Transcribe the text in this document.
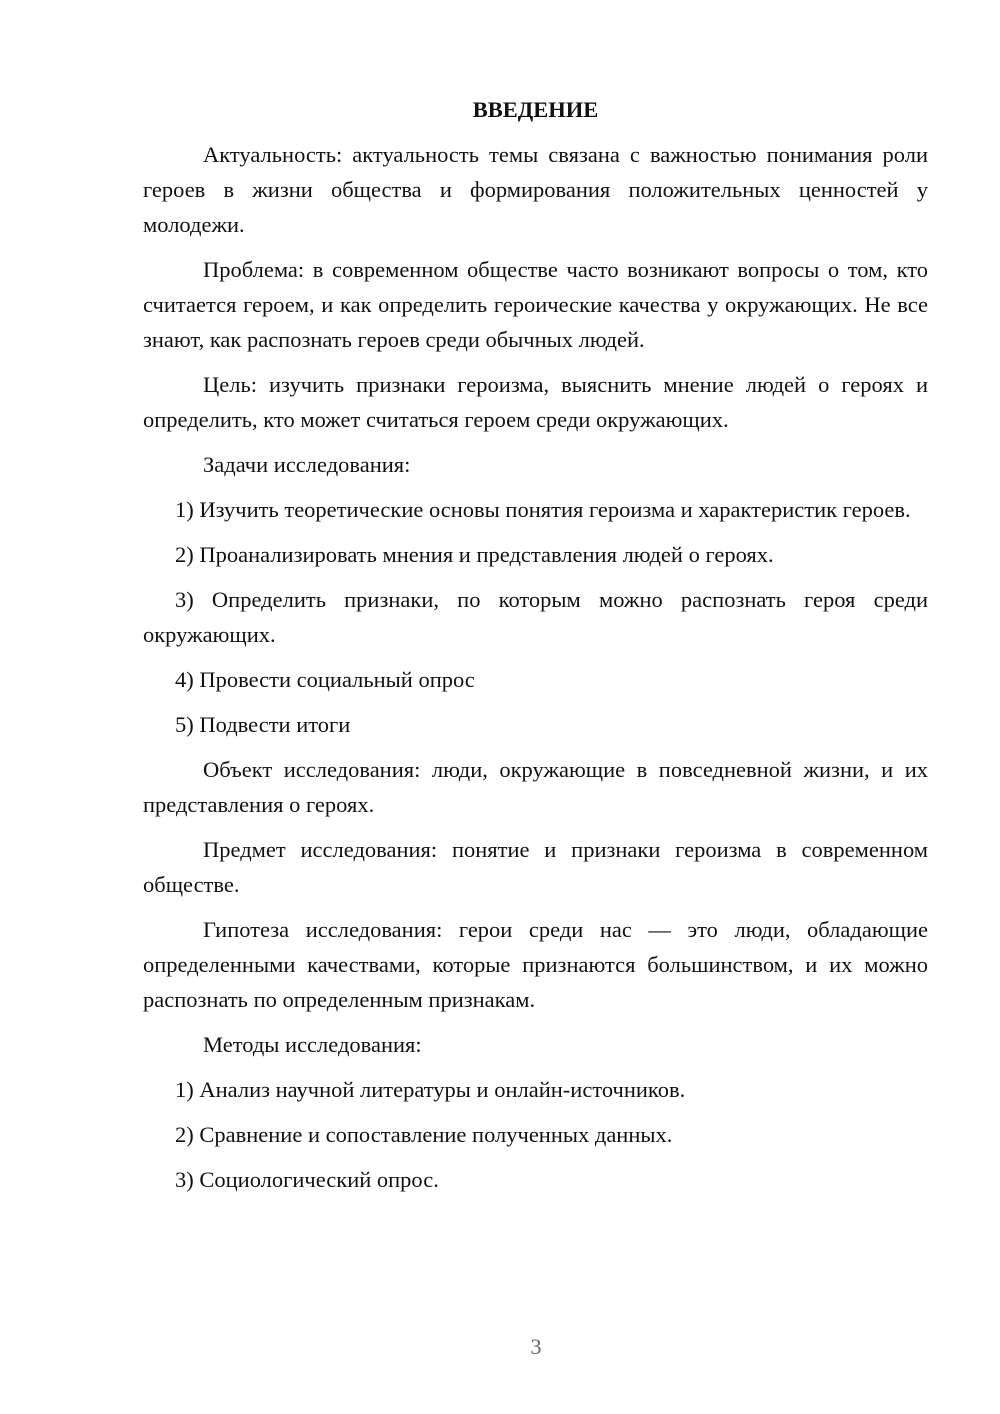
ВВЕДЕНИЕ

Актуальность: актуальность темы связана с важностью понимания роли героев в жизни общества и формирования положительных ценностей у молодежи.

Проблема: в современном обществе часто возникают вопросы о том, кто считается героем, и как определить героические качества у окружающих. Не все знают, как распознать героев среди обычных людей.

Цель: изучить признаки героизма, выяснить мнение людей о героях и определить, кто может считаться героем среди окружающих.

Задачи исследования:

1) Изучить теоретические основы понятия героизма и характеристик героев.

2) Проанализировать мнения и представления людей о героях.

3) Определить признаки, по которым можно распознать героя среди окружающих.

4) Провести социальный опрос

5) Подвести итоги

Объект исследования: люди, окружающие в повседневной жизни, и их представления о героях.

Предмет исследования: понятие и признаки героизма в современном обществе.

Гипотеза исследования: герои среди нас — это люди, обладающие определенными качествами, которые признаются большинством, и их можно распознать по определенным признакам.

Методы исследования:

1) Анализ научной литературы и онлайн-источников.

2) Сравнение и сопоставление полученных данных.

3) Социологический опрос.

3
